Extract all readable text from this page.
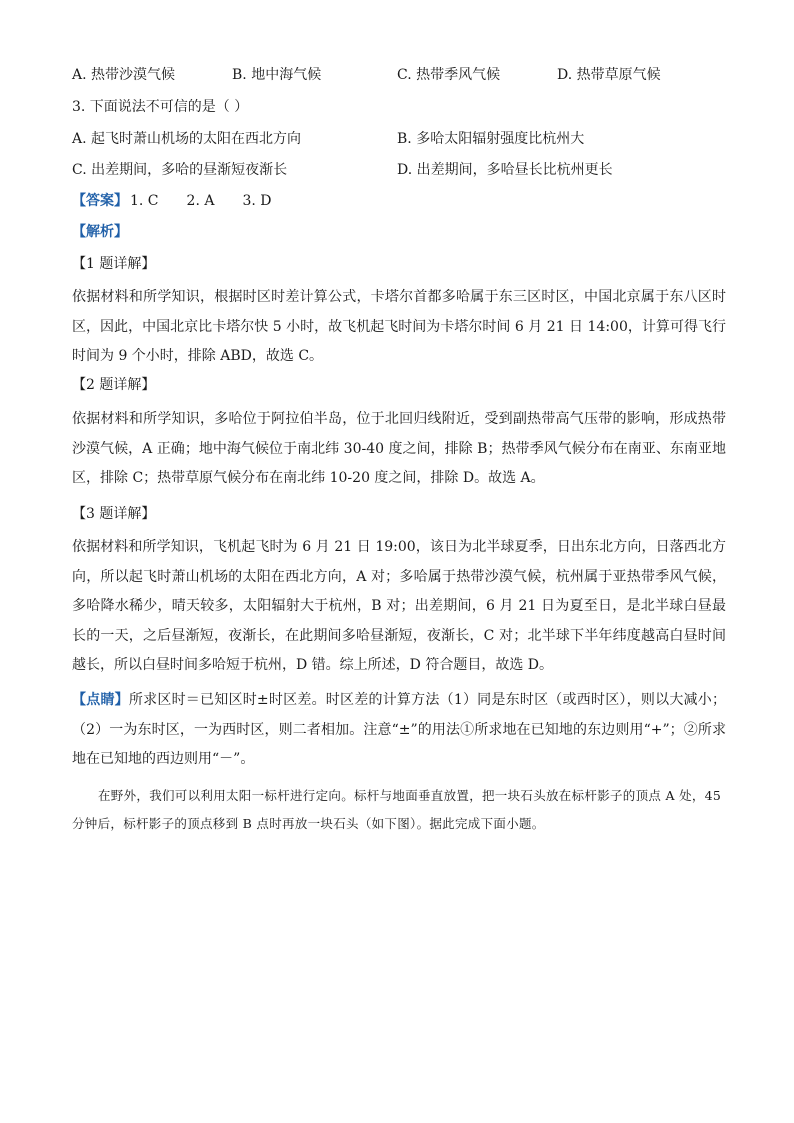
A. 热带沙漠气候	B. 地中海气候	C. 热带季风气候	D. 热带草原气候
3. 下面说法不可信的是（ ）
A. 起飞时萧山机场的太阳在西北方向	B. 多哈太阳辐射强度比杭州大
C. 出差期间，多哈的昼渐短夜渐长	D. 出差期间，多哈昼长比杭州更长
【答案】 1. C 2. A 3. D
【解析】
【1 题详解】
依据材料和所学知识，根据时区时差计算公式，卡塔尔首都多哈属于东三区时区，中国北京属于东八区时区，因此，中国北京比卡塔尔快 5 小时，故飞机起飞时间为卡塔尔时间 6 月 21 日 14:00，计算可得飞行时间为 9 个小时，排除 ABD，故选 C。
【2 题详解】
依据材料和所学知识，多哈位于阿拉伯半岛，位于北回归线附近，受到副热带高气压带的影响，形成热带沙漠气候，A 正确；地中海气候位于南北纬 30-40 度之间，排除 B；热带季风气候分布在南亚、东南亚地区，排除 C；热带草原气候分布在南北纬 10-20 度之间，排除 D。故选 A。
【3 题详解】
依据材料和所学知识，飞机起飞时为 6 月 21 日 19:00，该日为北半球夏季，日出东北方向，日落西北方向，所以起飞时萧山机场的太阳在西北方向，A 对；多哈属于热带沙漠气候，杭州属于亚热带季风气候，多哈降水稀少，晴天较多，太阳辐射大于杭州，B 对；出差期间，6 月 21 日为夏至日，是北半球白昼最长的一天，之后昼渐短，夜渐长，在此期间多哈昼渐短，夜渐长，C 对；北半球下半年纬度越高白昼时间越长，所以白昼时间多哈短于杭州，D 错。综上所述，D 符合题目，故选 D。
【点睛】所求区时＝已知区时±时区差。时区差的计算方法（1）同是东时区（或西时区），则以大减小；（2）一为东时区，一为西时区，则二者相加。注意“±”的用法①所求地在已知地的东边则用“+”；②所求地在已知地的西边则用“－”。
在野外，我们可以利用太阳一标杆进行定向。标杆与地面垂直放置，把一块石头放在标杆影子的顶点 A 处，45 分钟后，标杆影子的顶点移到 B 点时再放一块石头（如下图）。据此完成下面小题。
